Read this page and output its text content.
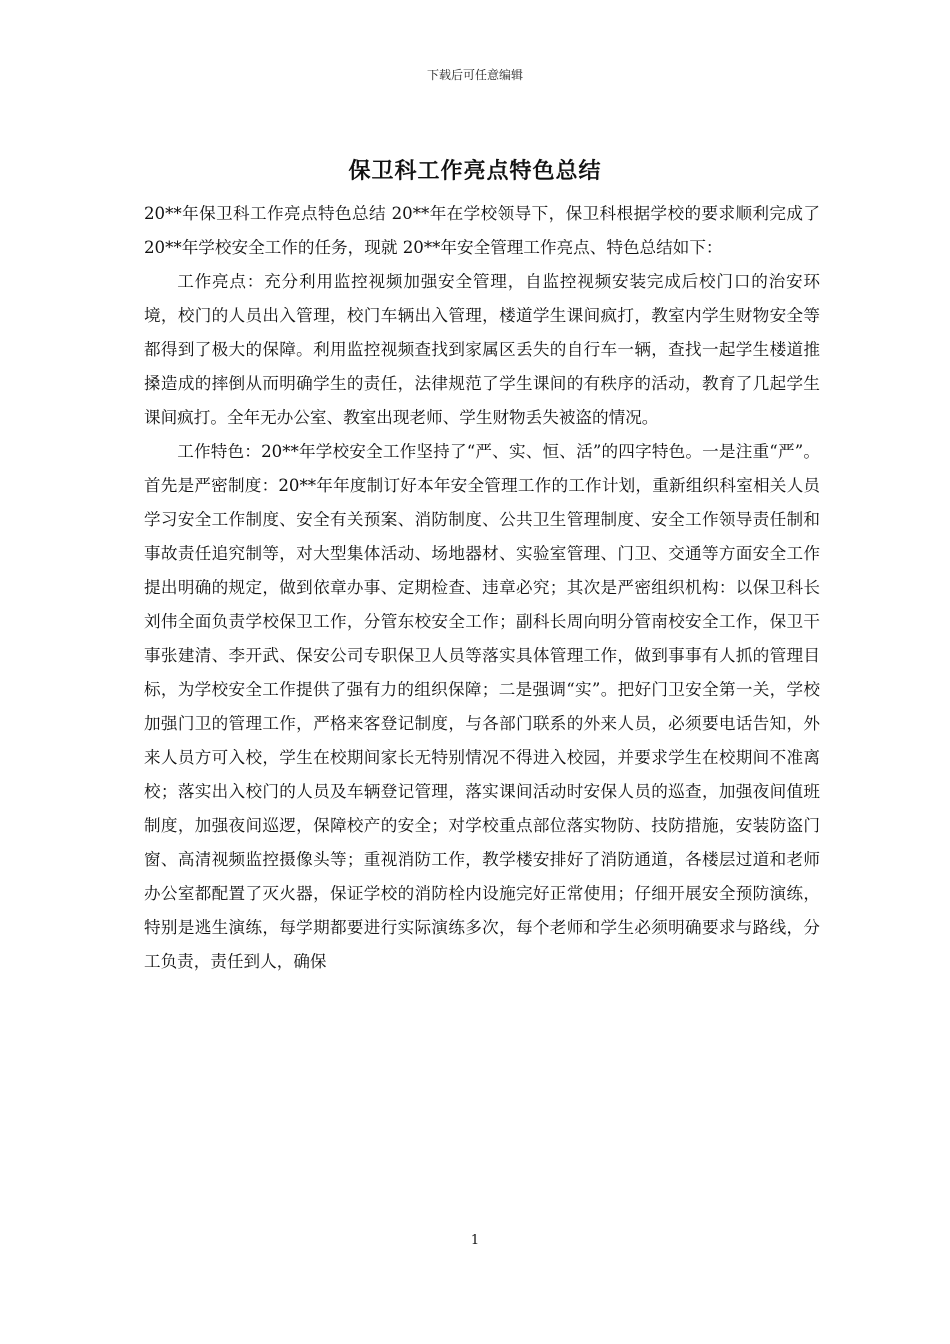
下载后可任意编辑
保卫科工作亮点特色总结

20**年保卫科工作亮点特色总结 20**年在学校领导下，保卫科根据学校的要求顺利完成了 20**年学校安全工作的任务，现就 20**年安全管理工作亮点、特色总结如下：

工作亮点：充分利用监控视频加强安全管理，自监控视频安装完成后校门口的治安环境，校门的人员出入管理，校门车辆出入管理，楼道学生课间疯打，教室内学生财物安全等都得到了极大的保障。利用监控视频查找到家属区丢失的自行车一辆，查找一起学生楼道推搡造成的摔倒从而明确学生的责任，法律规范了学生课间的有秩序的活动，教育了几起学生课间疯打。全年无办公室、教室出现老师、学生财物丢失被盗的情况。

工作特色：20**年学校安全工作坚持了“严、实、恒、活”的四字特色。一是注重“严”。首先是严密制度：20**年年度制订好本年安全管理工作的工作计划，重新组织科室相关人员学习安全工作制度、安全有关预案、消防制度、公共卫生管理制度、安全工作领导责任制和事故责任追究制等，对大型集体活动、场地器材、实验室管理、门卫、交通等方面安全工作提出明确的规定，做到依章办事、定期检查、违章必究；其次是严密组织机构：以保卫科长刘伟全面负责学校保卫工作，分管东校安全工作；副科长周向明分管南校安全工作，保卫干事张建清、李开武、保安公司专职保卫人员等落实具体管理工作，做到事事有人抓的管理目标，为学校安全工作提供了强有力的组织保障；二是强调“实”。把好门卫安全第一关，学校加强门卫的管理工作，严格来客登记制度，与各部门联系的外来人员，必须要电话告知，外来人员方可入校，学生在校期间家长无特别情况不得进入校园，并要求学生在校期间不准离校；落实出入校门的人员及车辆登记管理，落实课间活动时安保人员的巡查，加强夜间值班制度，加强夜间巡逻，保障校产的安全；对学校重点部位落实物防、技防措施，安装防盗门窗、高清视频监控摄像头等；重视消防工作，教学楼安排好了消防通道，各楼层过道和老师办公室都配置了灭火器，保证学校的消防栓内设施完好正常使用；仔细开展安全预防演练，特别是逃生演练，每学期都要进行实际演练多次，每个老师和学生必须明确要求与路线，分工负责，责任到人，确保

1
